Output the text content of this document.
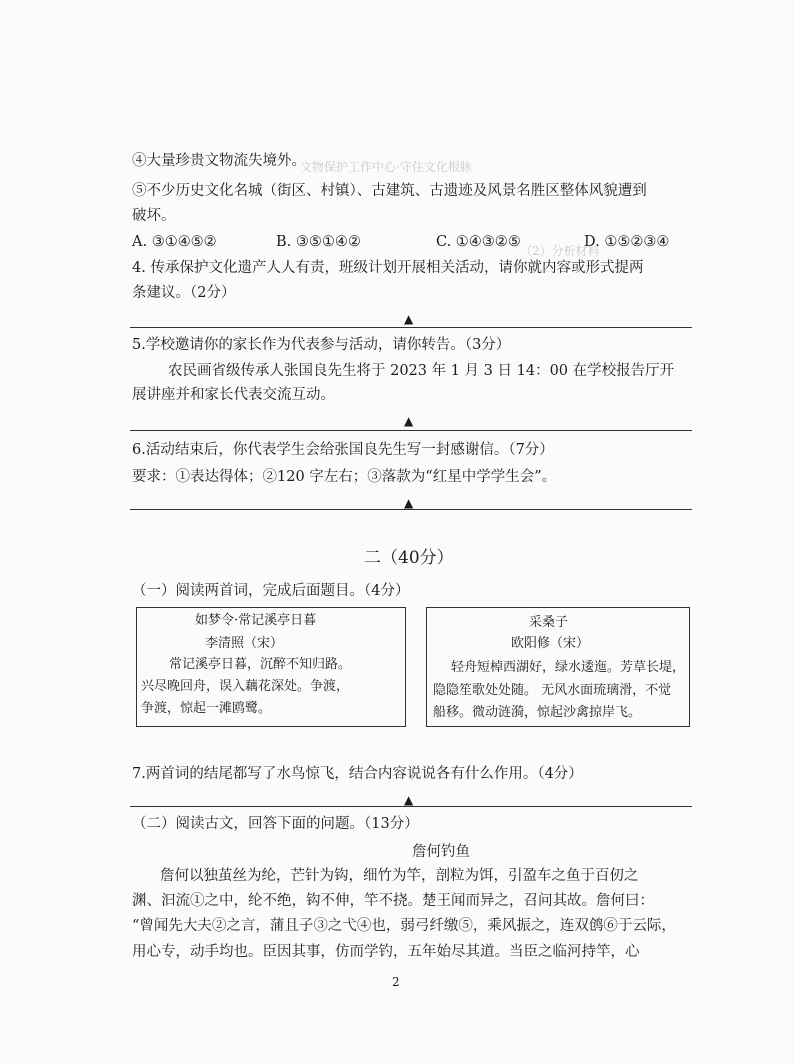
文物保护工作中心·守住文化根脉
（2）分析材料
④大量珍贵文物流失境外。
⑤不少历史文化名城（街区、村镇）、古建筑、古遗迹及风景名胜区整体风貌遭到
破坏。
A. ③①④⑤②	B. ③⑤①④②	C. ①④③②⑤	D. ①⑤②③④
4. 传承保护文化遗产人人有责，班级计划开展相关活动，请你就内容或形式提两
条建议。（2分）
▲
5.学校邀请你的家长作为代表参与活动，请你转告。（3分）
农民画省级传承人张国良先生将于 2023 年 1 月 3 日 14：00 在学校报告厅开
展讲座并和家长代表交流互动。
▲
6.活动结束后，你代表学生会给张国良先生写一封感谢信。（7分）
要求：①表达得体；②120 字左右；③落款为“红星中学学生会”。
▲
二（40分）
（一）阅读两首词，完成后面题目。（4分）
如梦令·常记溪亭日暮
李清照（宋）
常记溪亭日暮，沉醉不知归路。
兴尽晚回舟，误入藕花深处。争渡，
争渡，惊起一滩鸥鹭。
采桑子
欧阳修（宋）
轻舟短棹西湖好，绿水逶迤。芳草长堤，
隐隐笙歌处处随。 无风水面琉璃滑，不觉
船移。微动涟漪，惊起沙禽掠岸飞。
7.两首词的结尾都写了水鸟惊飞，结合内容说说各有什么作用。（4分）
▲
（二）阅读古文，回答下面的问题。（13分）
詹何钓鱼
詹何以独茧丝为纶，芒针为钩，细竹为竿，剖粒为饵，引盈车之鱼于百仞之
渊、汩流①之中，纶不绝，钩不伸，竿不挠。楚王闻而异之，召问其故。詹何曰：
“曾闻先大夫②之言，蒲且子③之弋④也，弱弓纤缴⑤，乘风振之，连双鸧⑥于云际，
用心专，动手均也。臣因其事，仿而学钓，五年始尽其道。当臣之临河持竿，心
2
